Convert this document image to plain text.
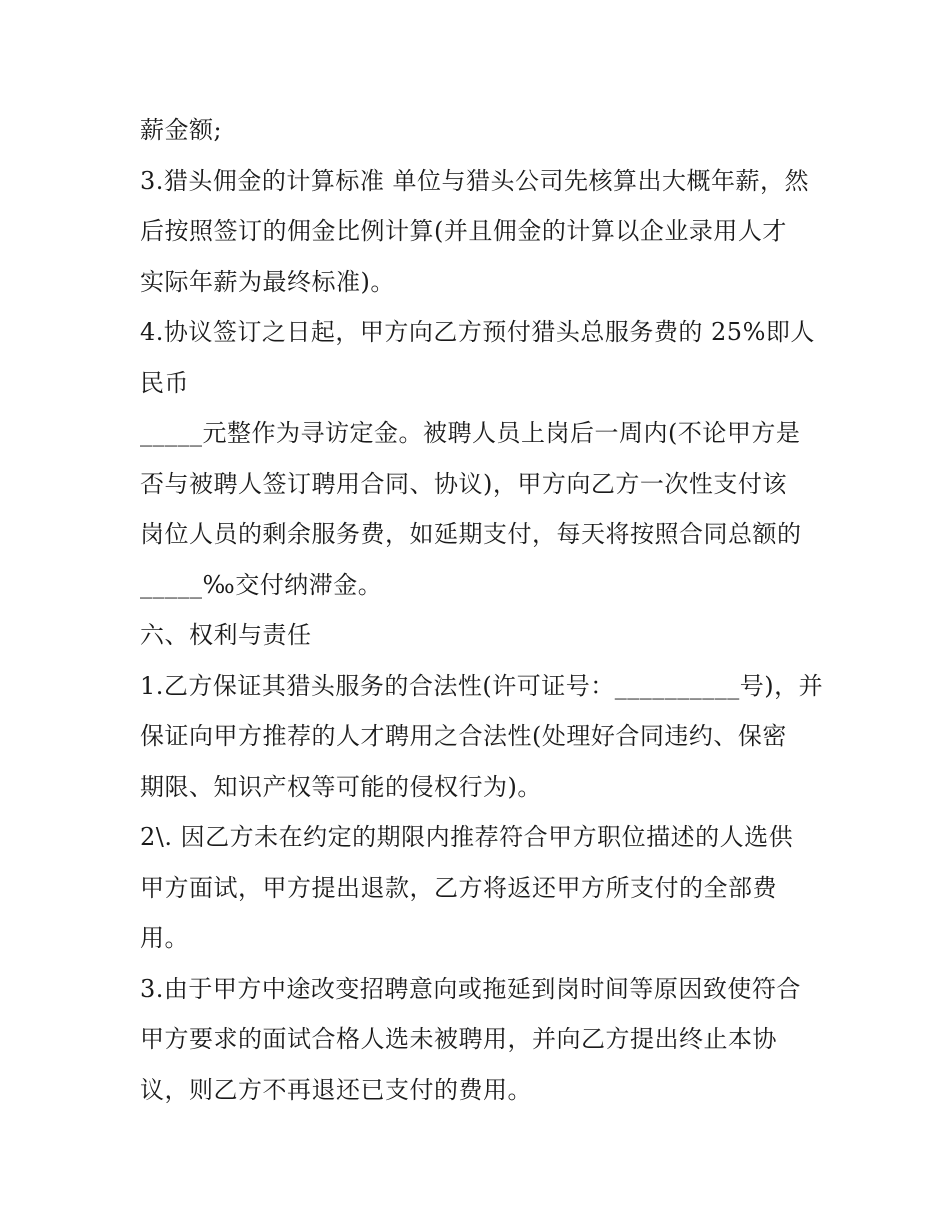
薪金额;
3.猎头佣金的计算标准 单位与猎头公司先核算出大概年薪，然
后按照签订的佣金比例计算(并且佣金的计算以企业录用人才
实际年薪为最终标准)。
4.协议签订之日起，甲方向乙方预付猎头总服务费的 25%即人
民币
_____元整作为寻访定金。被聘人员上岗后一周内(不论甲方是
否与被聘人签订聘用合同、协议)，甲方向乙方一次性支付该
岗位人员的剩余服务费，如延期支付，每天将按照合同总额的
_____‰交付纳滞金。
六、权利与责任
1.乙方保证其猎头服务的合法性(许可证号：__________号)，并
保证向甲方推荐的人才聘用之合法性(处理好合同违约、保密
期限、知识产权等可能的侵权行为)。
2\. 因乙方未在约定的期限内推荐符合甲方职位描述的人选供
甲方面试，甲方提出退款，乙方将返还甲方所支付的全部费
用。
3.由于甲方中途改变招聘意向或拖延到岗时间等原因致使符合
甲方要求的面试合格人选未被聘用，并向乙方提出终止本协
议，则乙方不再退还已支付的费用。
